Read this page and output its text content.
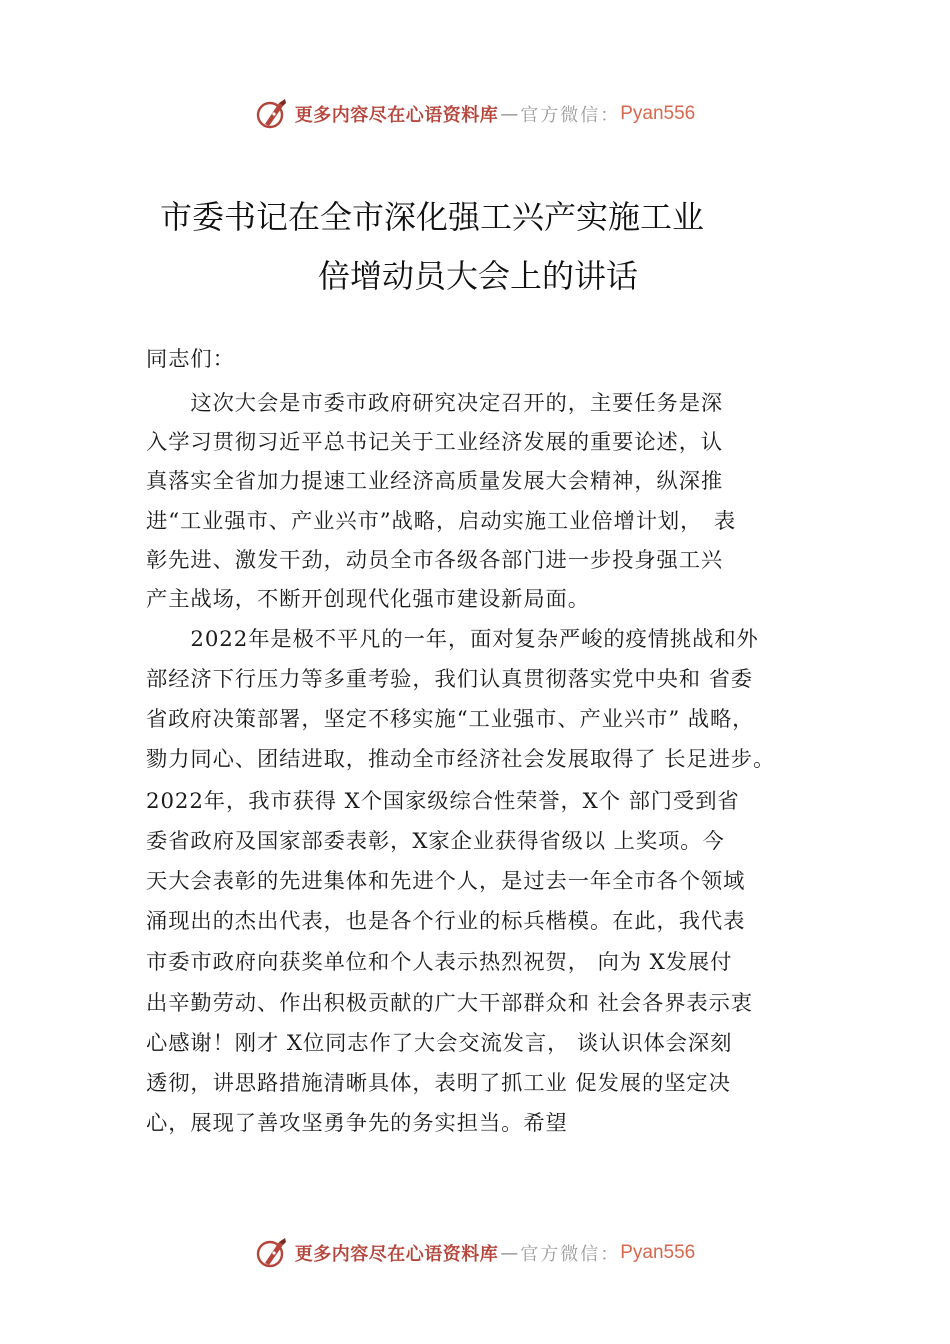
更多内容尽在心语资料库 — 官方微信： Pyan556
市委书记在全市深化强工兴产实施工业
倍增动员大会上的讲话
同志们：
　　这次大会是市委市政府研究决定召开的，主要任务是深
入学习贯彻习近平总书记关于工业经济发展的重要论述，认
真落实全省加力提速工业经济高质量发展大会精神，纵深推
进“工业强市、产业兴市”战略，启动实施工业倍增计划，　表
彰先进、激发干劲，动员全市各级各部门进一步投身强工兴
产主战场，不断开创现代化强市建设新局面。
　　2022年是极不平凡的一年，面对复杂严峻的疫情挑战和外
部经济下行压力等多重考验，我们认真贯彻落实党中央和 省委
省政府决策部署，坚定不移实施“工业强市、产业兴市” 战略，
勠力同心、团结进取，推动全市经济社会发展取得了 长足进步。
2022年，我市获得 X个国家级综合性荣誉，X个 部门受到省
委省政府及国家部委表彰，X家企业获得省级以 上奖项。今
天大会表彰的先进集体和先进个人，是过去一年全市各个领域
涌现出的杰出代表，也是各个行业的标兵楷模。在此，我代表
市委市政府向获奖单位和个人表示热烈祝贺， 向为 X发展付
出辛勤劳动、作出积极贡献的广大干部群众和 社会各界表示衷
心感谢！刚才 X位同志作了大会交流发言， 谈认识体会深刻
透彻，讲思路措施清晰具体，表明了抓工业 促发展的坚定决
心，展现了善攻坚勇争先的务实担当。希望
更多内容尽在心语资料库 — 官方微信： Pyan556
